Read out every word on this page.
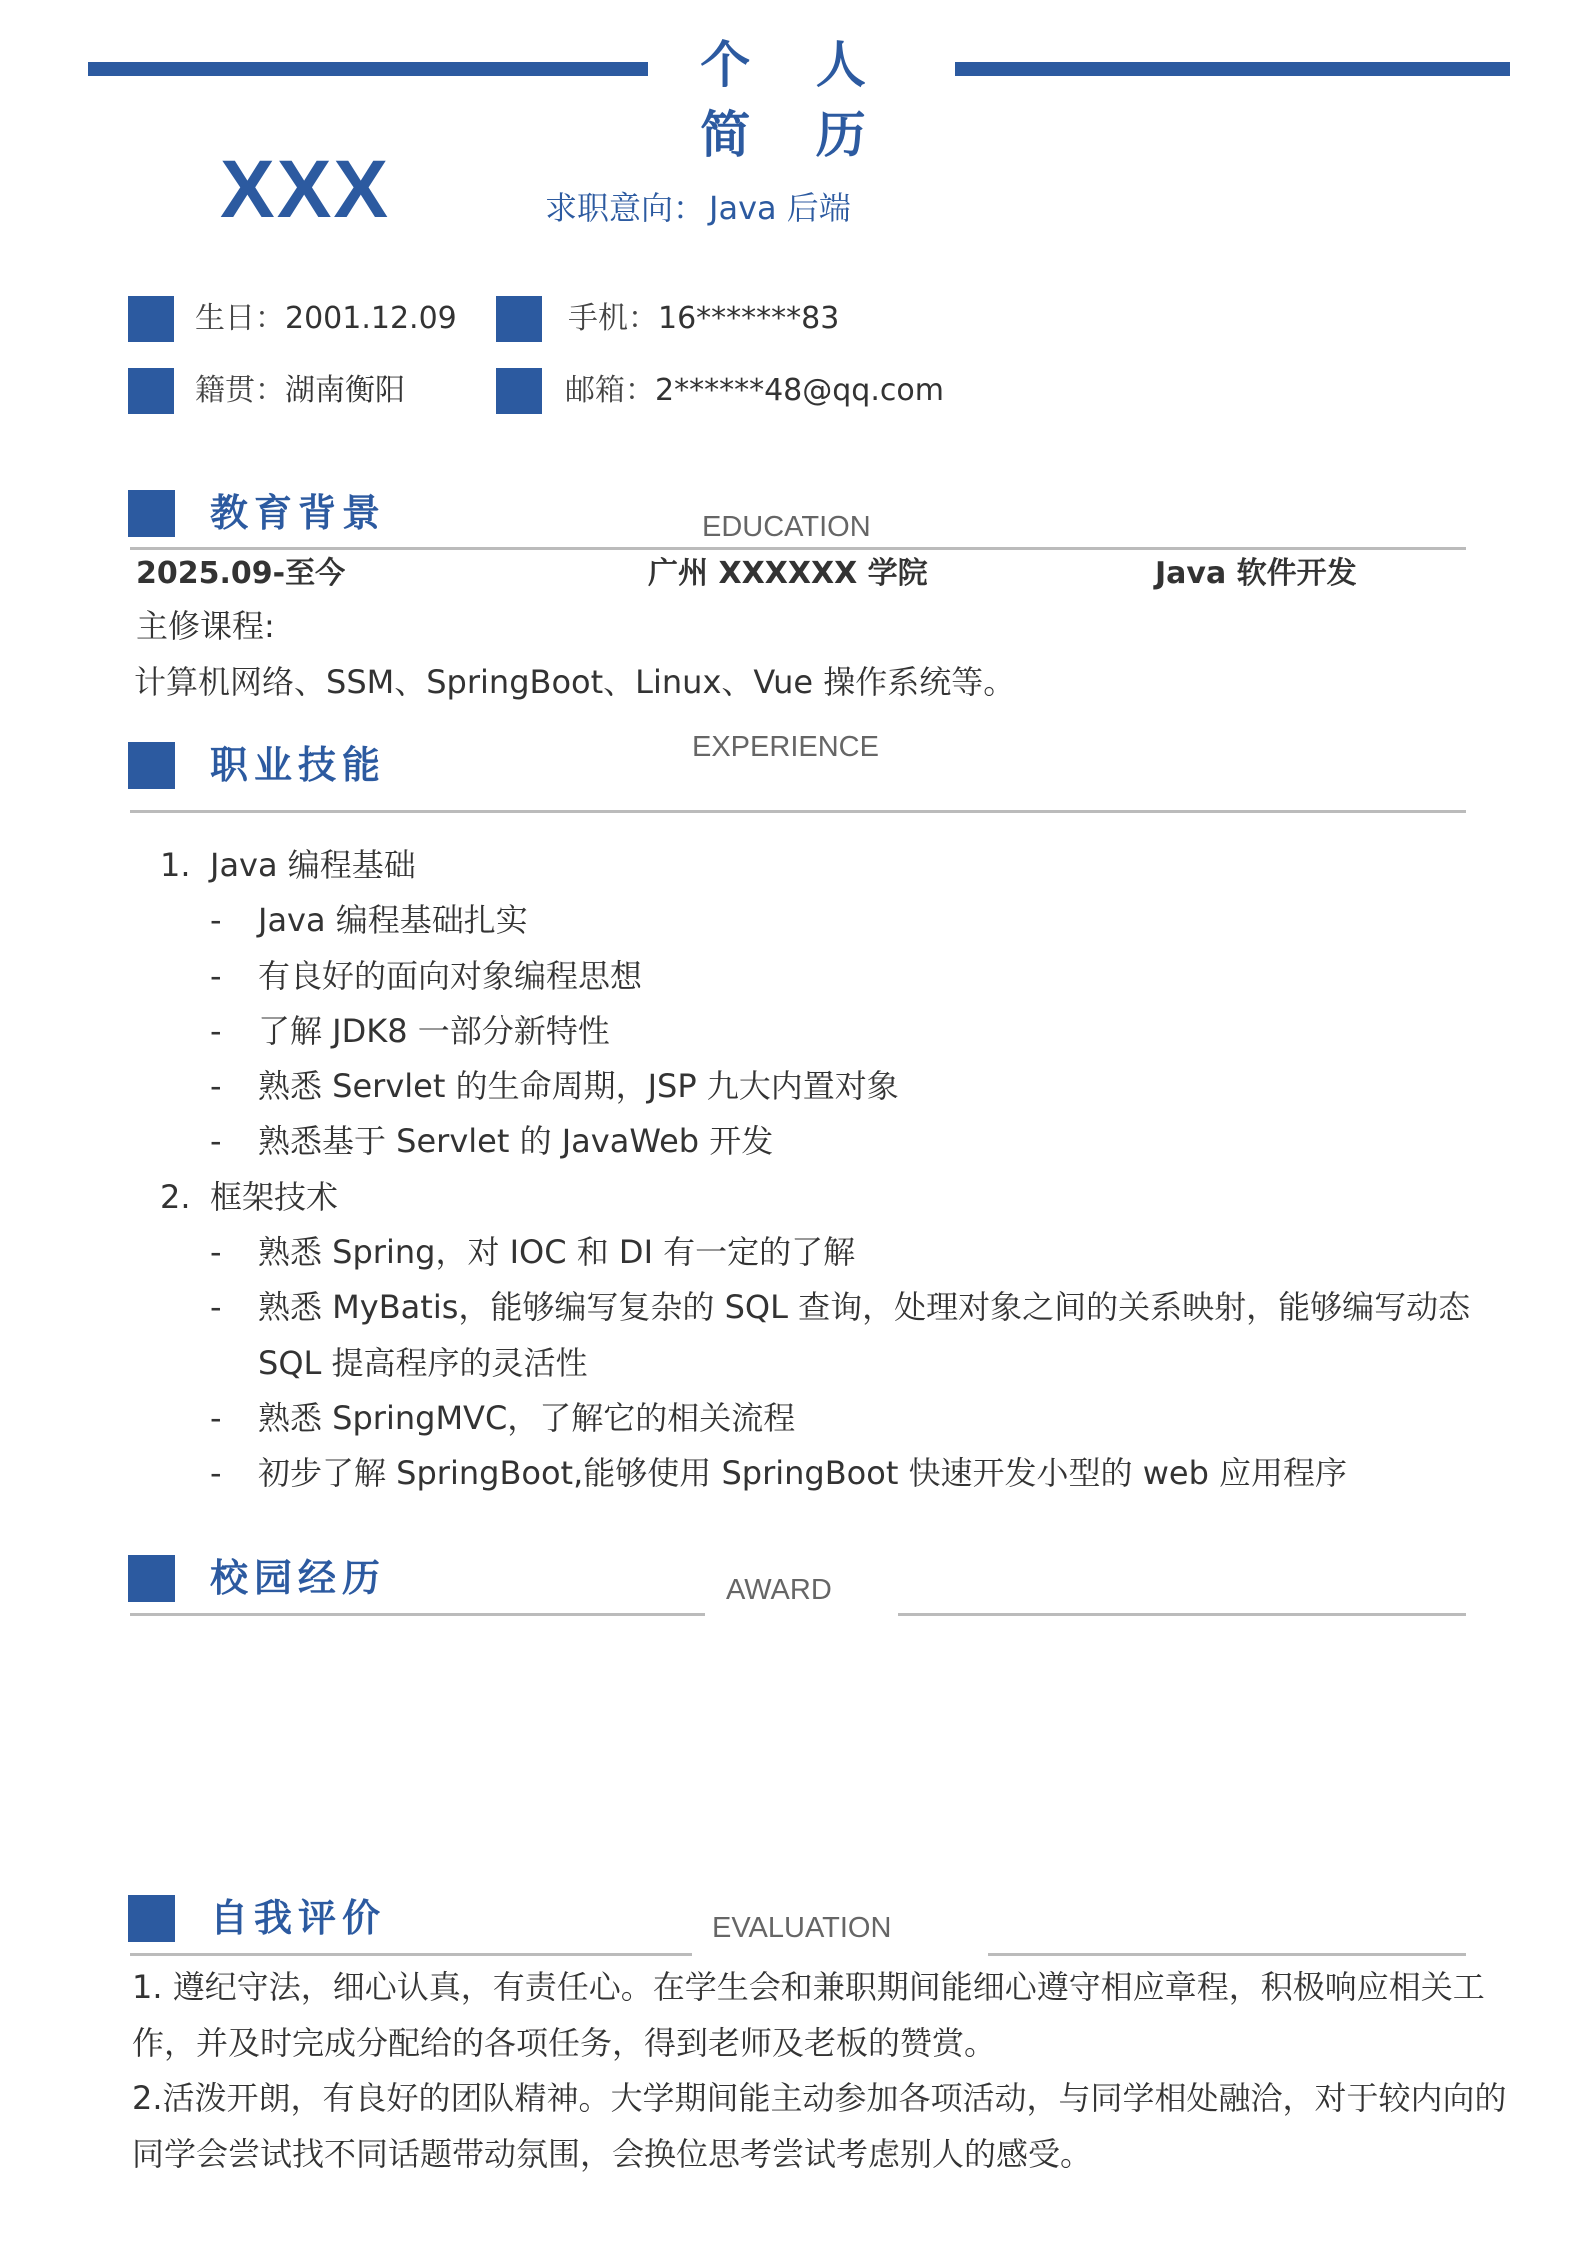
个 人 简 历
XXX	求职意向： Java 后端
生日：2001.12.09	手机：16*******83
籍贯：湖南衡阳	邮箱：2******48@qq.com
教育背景	EDUCATION
2025.09-至今	广州 XXXXXX 学院	Java 软件开发
主修课程:
计算机网络、SSM、SpringBoot、Linux、Vue 操作系统等。
职业技能	EXPERIENCE
1. Java 编程基础
- Java 编程基础扎实
- 有良好的面向对象编程思想
- 了解 JDK8 一部分新特性
- 熟悉 Servlet 的生命周期，JSP 九大内置对象
- 熟悉基于 Servlet 的 JavaWeb 开发
2. 框架技术
- 熟悉 Spring，对 IOC 和 DI 有一定的了解
- 熟悉 MyBatis，能够编写复杂的 SQL 查询，处理对象之间的关系映射，能够编写动态 SQL 提高程序的灵活性
- 熟悉 SpringMVC，了解它的相关流程
- 初步了解 SpringBoot,能够使用 SpringBoot 快速开发小型的 web 应用程序
校园经历	AWARD
自我评价	EVALUATION

1. 遵纪守法，细心认真，有责任心。在学生会和兼职期间能细心遵守相应章程，积极响应相关工作，并及时完成分配给的各项任务，得到老师及老板的赞赏。

2.活泼开朗，有良好的团队精神。大学期间能主动参加各项活动，与同学相处融洽，对于较内向的同学会尝试找不同话题带动氛围，会换位思考尝试考虑别人的感受。
